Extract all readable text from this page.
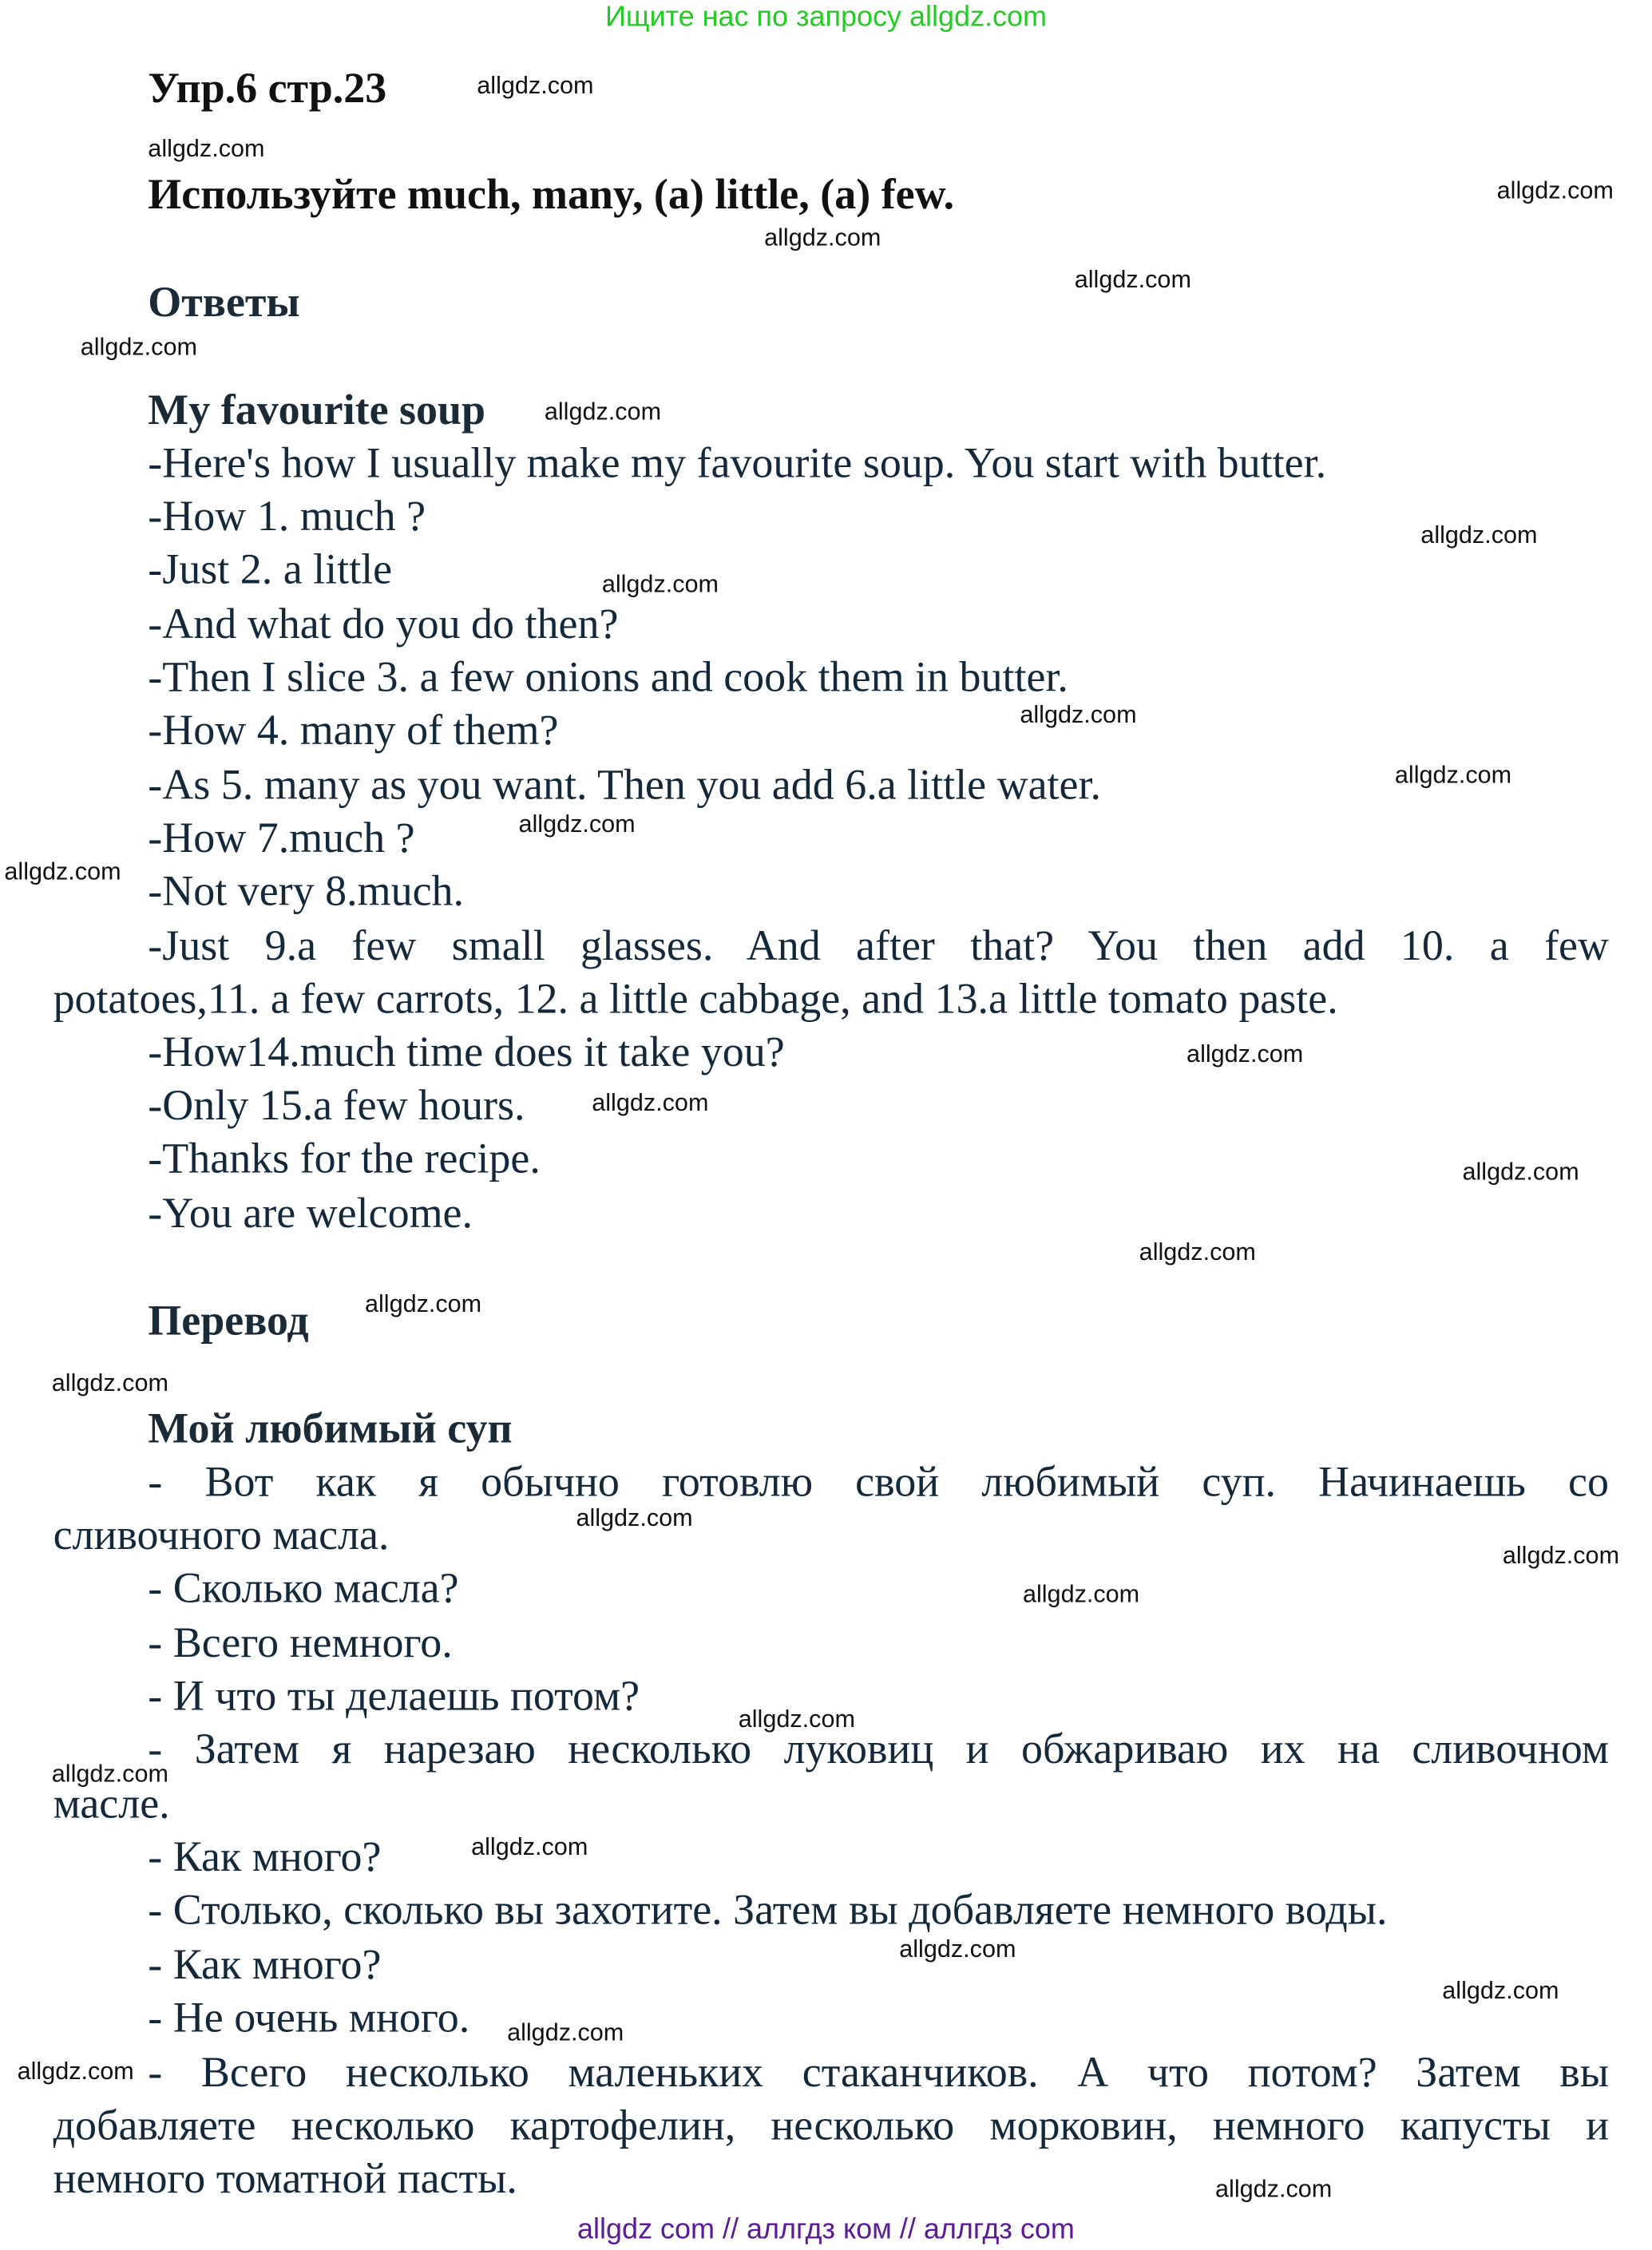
Ищите нас по запросу allgdz.com
Упр.6 стр.23
Используйте much, many, (a) little, (a) few.
Ответы
My favourite soup
-Here's how I usually make my favourite soup. You start with butter.
-How 1. much ?
-Just 2. a little
-And what do you do then?
-Then I slice 3. a few onions and cook them in butter.
-How 4. many of them?
-As 5. many as you want. Then you add 6.a little water.
-How 7.much ?
-Not very 8.much.
-Just 9.a few small glasses. And after that? You then add 10. a few
potatoes,11. a few carrots, 12. a little cabbage, and 13.a little tomato paste.
-How14.much time does it take you?
-Only 15.a few hours.
-Thanks for the recipe.
-You are welcome.
Перевод
Мой любимый суп
- Вот как я обычно готовлю свой любимый суп. Начинаешь со
сливочного масла.
- Сколько масла?
- Всего немного.
- И что ты делаешь потом?
- Затем я нарезаю несколько луковиц и обжариваю их на сливочном
масле.
- Как много?
- Столько, сколько вы захотите. Затем вы добавляете немного воды.
- Как много?
- Не очень много.
- Всего несколько маленьких стаканчиков. А что потом? Затем вы
добавляете несколько картофелин, несколько морковин, немного капусты и
немного томатной пасты.
allgdz.com
allgdz.com
allgdz.com
allgdz.com
allgdz.com
allgdz.com
allgdz.com
allgdz.com
allgdz.com
allgdz.com
allgdz.com
allgdz.com
allgdz.com
allgdz.com
allgdz.com
allgdz.com
allgdz.com
allgdz.com
allgdz.com
allgdz.com
allgdz.com
allgdz.com
allgdz.com
allgdz.com
allgdz.com
allgdz.com
allgdz.com
allgdz.com
allgdz.com
allgdz.com
allgdz com // аллгдз ком // аллгдз com
